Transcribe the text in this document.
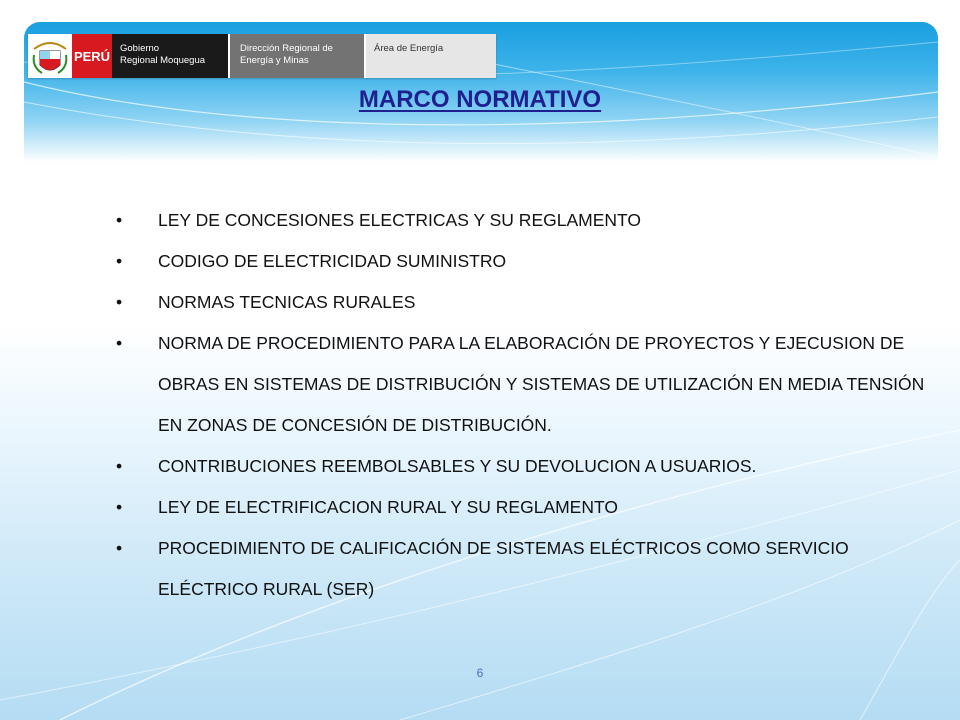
PERÚ Gobierno
Regional Moquegua
Dirección Regional de
Energía y Minas
Área de Energía
MARCO NORMATIVO
•	LEY DE CONCESIONES ELECTRICAS Y SU REGLAMENTO
•	CODIGO DE ELECTRICIDAD SUMINISTRO
•	NORMAS TECNICAS RURALES
•	NORMA DE PROCEDIMIENTO PARA LA ELABORACIÓN DE PROYECTOS Y EJECUSION DE OBRAS EN SISTEMAS DE DISTRIBUCIÓN Y SISTEMAS DE UTILIZACIÓN EN MEDIA TENSIÓN EN ZONAS DE CONCESIÓN DE DISTRIBUCIÓN.
•	CONTRIBUCIONES REEMBOLSABLES Y SU DEVOLUCION A USUARIOS.
•	LEY DE ELECTRIFICACION RURAL Y SU REGLAMENTO
•	PROCEDIMIENTO DE CALIFICACIÓN DE SISTEMAS ELÉCTRICOS COMO SERVICIO ELÉCTRICO RURAL (SER)
6
